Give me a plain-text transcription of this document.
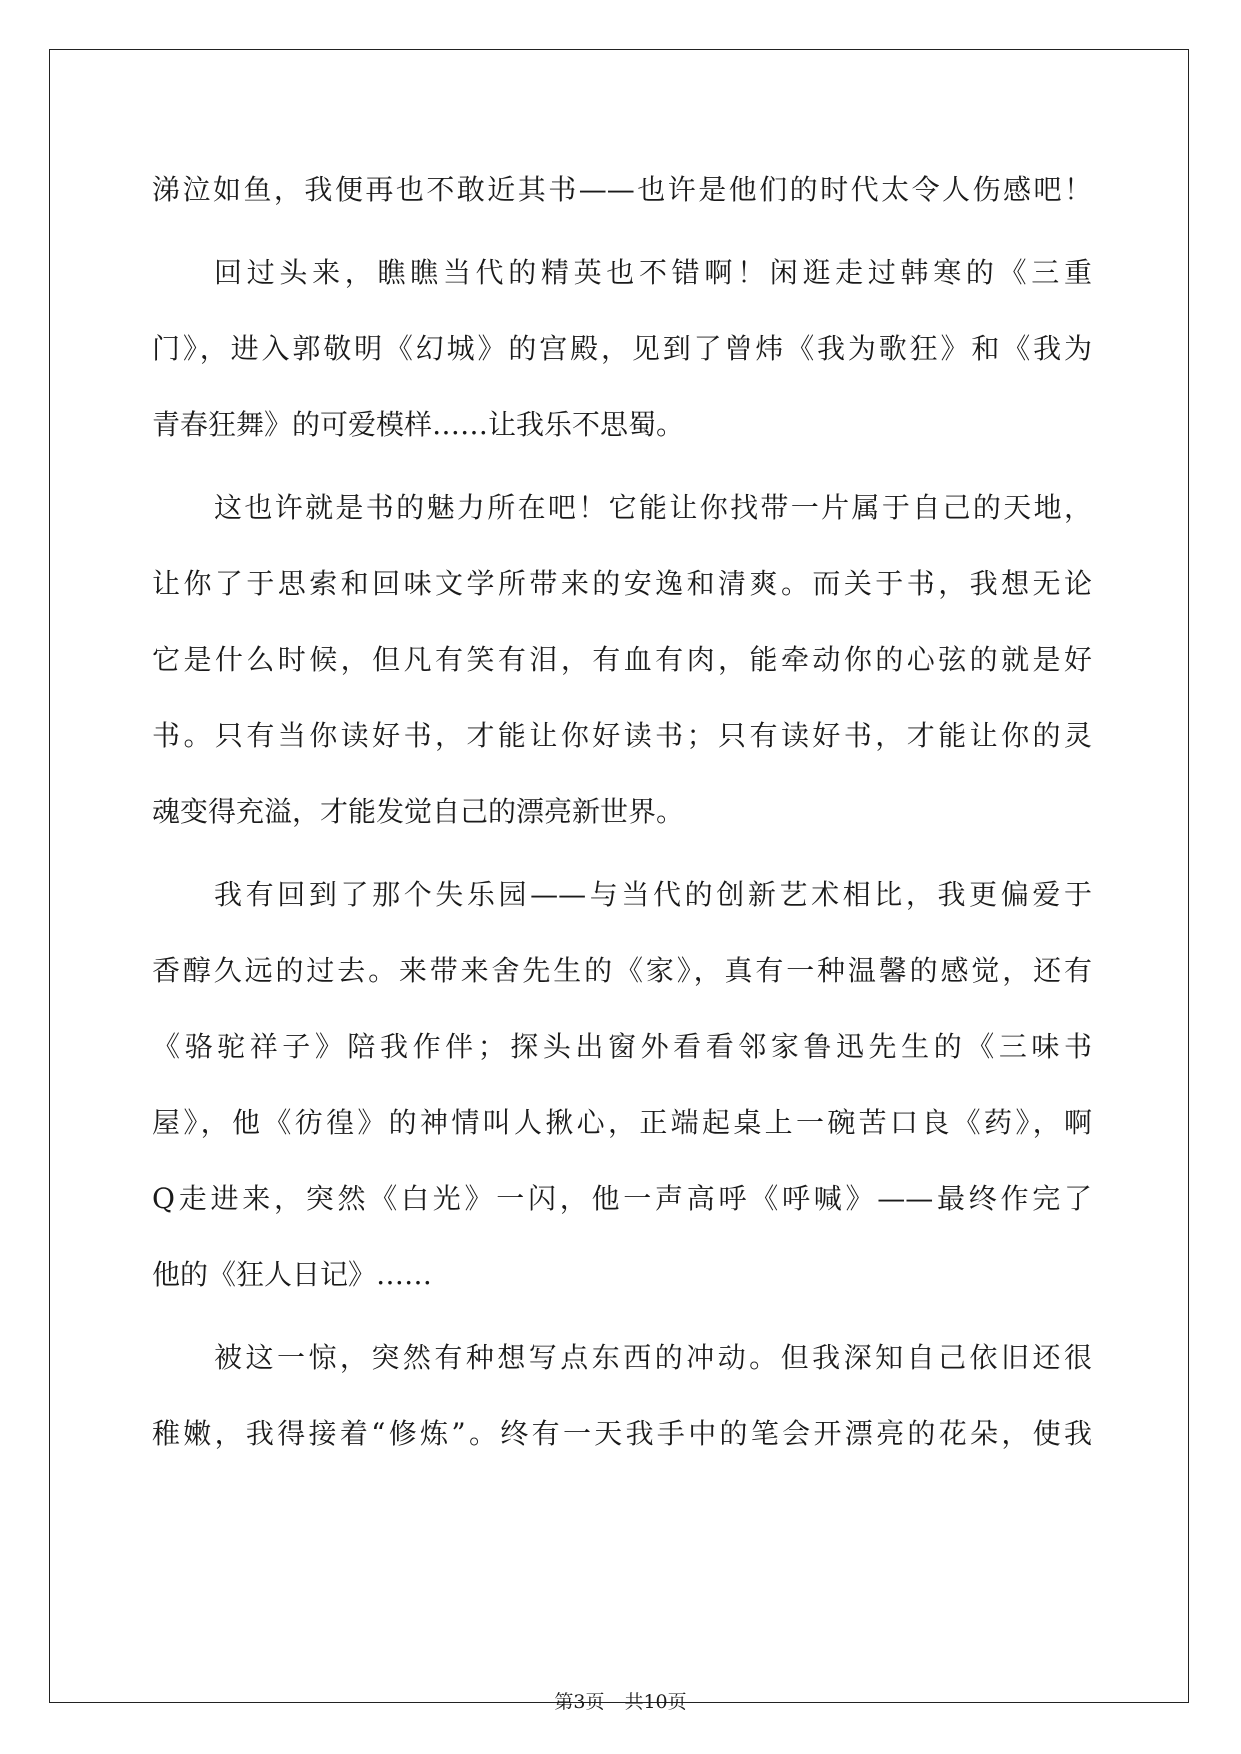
涕泣如鱼，我便再也不敢近其书——也许是他们的时代太令人伤感吧！
回过头来，瞧瞧当代的精英也不错啊！闲逛走过韩寒的《三重
门》，进入郭敬明《幻城》的宫殿，见到了曾炜《我为歌狂》和《我为
青春狂舞》的可爱模样……让我乐不思蜀。
这也许就是书的魅力所在吧！它能让你找带一片属于自己的天地，
让你了于思索和回味文学所带来的安逸和清爽。而关于书，我想无论
它是什么时候，但凡有笑有泪，有血有肉，能牵动你的心弦的就是好
书。只有当你读好书，才能让你好读书；只有读好书，才能让你的灵
魂变得充溢，才能发觉自己的漂亮新世界。
我有回到了那个失乐园——与当代的创新艺术相比，我更偏爱于
香醇久远的过去。来带来舍先生的《家》，真有一种温馨的感觉，还有
《骆驼祥子》陪我作伴；探头出窗外看看邻家鲁迅先生的《三味书
屋》，他《彷徨》的神情叫人揪心，正端起桌上一碗苦口良《药》，啊
Q走进来，突然《白光》一闪，他一声高呼《呼喊》——最终作完了
他的《狂人日记》……
被这一惊，突然有种想写点东西的冲动。但我深知自己依旧还很
稚嫩，我得接着“修炼”。终有一天我手中的笔会开漂亮的花朵，使我
第3页 共10页
